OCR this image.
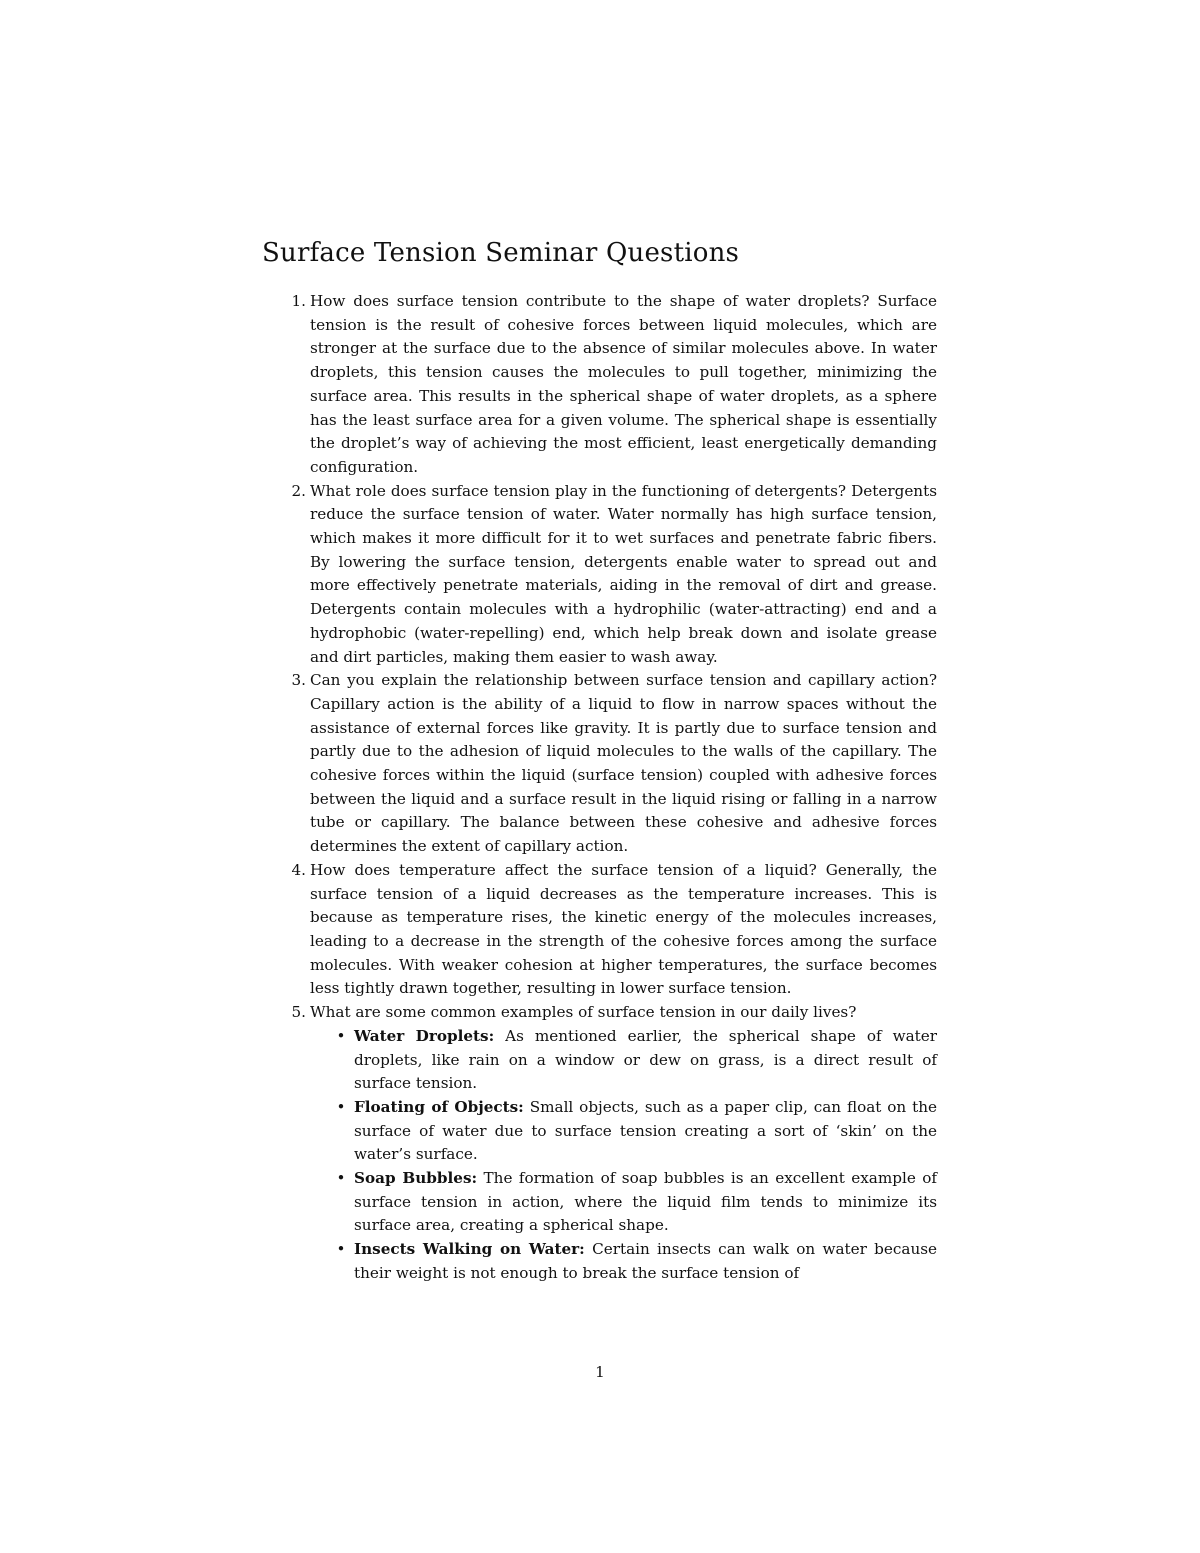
Surface Tension Seminar Questions
1. How does surface tension contribute to the shape of water droplets? Surface tension is the result of cohesive forces between liquid molecules, which are stronger at the surface due to the absence of similar molecules above. In water droplets, this tension causes the molecules to pull together, minimizing the surface area. This results in the spherical shape of water droplets, as a sphere has the least surface area for a given volume. The spherical shape is essentially the droplet’s way of achieving the most efficient, least energetically demanding configuration.
2. What role does surface tension play in the functioning of detergents? Detergents reduce the surface tension of water. Water normally has high surface tension, which makes it more difficult for it to wet surfaces and penetrate fabric fibers. By lowering the surface tension, detergents enable water to spread out and more effectively penetrate materials, aiding in the removal of dirt and grease. Detergents contain molecules with a hydrophilic (water-attracting) end and a hydrophobic (water-repelling) end, which help break down and isolate grease and dirt particles, making them easier to wash away.
3. Can you explain the relationship between surface tension and capillary action? Capillary action is the ability of a liquid to flow in narrow spaces without the assistance of external forces like gravity. It is partly due to surface tension and partly due to the adhesion of liquid molecules to the walls of the capillary. The cohesive forces within the liquid (surface tension) coupled with adhesive forces between the liquid and a surface result in the liquid rising or falling in a narrow tube or capillary. The balance between these cohesive and adhesive forces determines the extent of capillary action.
4. How does temperature affect the surface tension of a liquid? Generally, the surface tension of a liquid decreases as the temperature increases. This is because as temperature rises, the kinetic energy of the molecules increases, leading to a decrease in the strength of the cohesive forces among the surface molecules. With weaker cohesion at higher temperatures, the surface becomes less tightly drawn together, resulting in lower surface tension.
5. What are some common examples of surface tension in our daily lives?
• Water Droplets: As mentioned earlier, the spherical shape of water droplets, like rain on a window or dew on grass, is a direct result of surface tension.
• Floating of Objects: Small objects, such as a paper clip, can float on the surface of water due to surface tension creating a sort of ‘skin’ on the water’s surface.
• Soap Bubbles: The formation of soap bubbles is an excellent example of surface tension in action, where the liquid film tends to minimize its surface area, creating a spherical shape.
• Insects Walking on Water: Certain insects can walk on water because their weight is not enough to break the surface tension of
1
